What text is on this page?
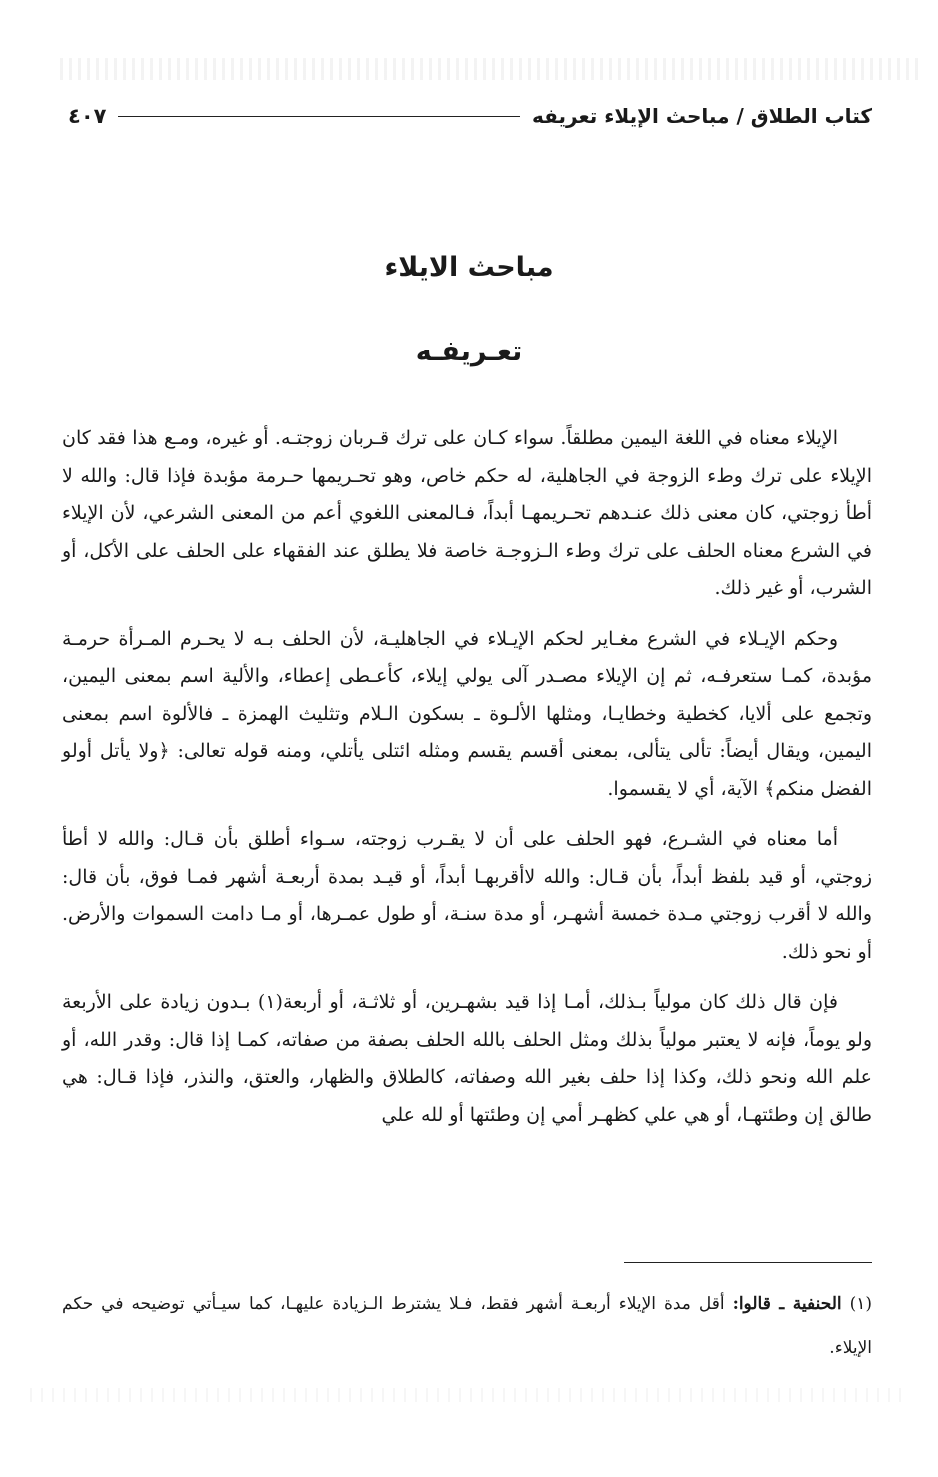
كتاب الطلاق / مباحث الإيلاء تعريفه
٤٠٧
مباحث الايلاء
تعـريفـه

الإيلاء معناه في اللغة اليمين مطلقاً. سواء كـان على ترك قـربان زوجتـه. أو غيره، ومـع هذا فقد كان الإيلاء على ترك وطء الزوجة في الجاهلية، له حكم خاص، وهو تحـريمها حـرمة مؤبدة فإذا قال: والله لا أطأ زوجتي، كان معنى ذلك عنـدهم تحـريمهـا أبداً، فـالمعنى اللغوي أعم من المعنى الشرعي، لأن الإيلاء في الشرع معناه الحلف على ترك وطء الـزوجـة خاصة فلا يطلق عند الفقهاء على الحلف على الأكل، أو الشرب، أو غير ذلك.

وحكم الإيـلاء في الشرع مغـاير لحكم الإيـلاء في الجاهليـة، لأن الحلف بـه لا يحـرم المـرأة حرمـة مؤبدة، كمـا ستعرفـه، ثم إن الإيلاء مصـدر آلى يولي إيلاء، كأعـطى إعطاء، والألية اسم بمعنى اليمين، وتجمع على ألايا، كخطية وخطايـا، ومثلها الألـوة ـ بسكون الـلام وتثليث الهمزة ـ فالألوة اسم بمعنى اليمين، ويقال أيضاً: تألى يتألى، بمعنى أقسم يقسم ومثله ائتلى يأتلي، ومنه قوله تعالى: ﴿ولا يأتل أولو الفضل منكم﴾ الآية، أي لا يقسموا.

أما معناه في الشـرع، فهو الحلف على أن لا يقـرب زوجته، سـواء أطلق بأن قـال: والله لا أطأ زوجتي، أو قيد بلفظ أبداً، بأن قـال: والله لاأقربهـا أبداً، أو قيـد بمدة أربعـة أشهر فمـا فوق، بأن قال: والله لا أقرب زوجتي مـدة خمسة أشهـر، أو مدة سنـة، أو طول عمـرها، أو مـا دامت السموات والأرض. أو نحو ذلك.

فإن قال ذلك كان مولياً بـذلك، أمـا إذا قيد بشهـرين، أو ثلاثـة، أو أربعة(١) بـدون زيادة على الأربعة ولو يوماً، فإنه لا يعتبر مولياً بذلك ومثل الحلف بالله الحلف بصفة من صفاته، كمـا إذا قال: وقدر الله، أو علم الله ونحو ذلك، وكذا إذا حلف بغير الله وصفاته، كالطلاق والظهار، والعتق، والنذر، فإذا قـال: هي طالق إن وطئتهـا، أو هي علي كظهـر أمي إن وطئتها أو لله علي

(١) الحنفية ـ قالوا: أقل مدة الإيلاء أربعـة أشهر فقط، فـلا يشترط الـزيادة عليهـا، كما سيـأتي توضيحه في حكم الإيلاء.
